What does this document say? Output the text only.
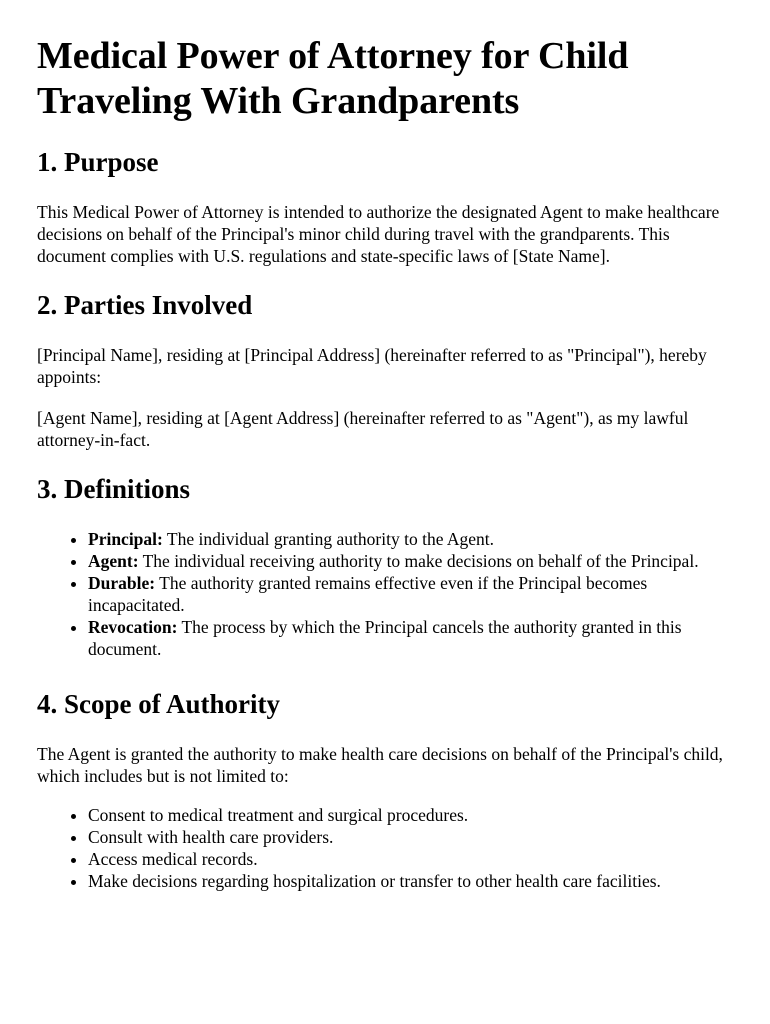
Medical Power of Attorney for Child Traveling With Grandparents
1. Purpose

This Medical Power of Attorney is intended to authorize the designated Agent to make healthcare decisions on behalf of the Principal's minor child during travel with the grandparents. This document complies with U.S. regulations and state-specific laws of [State Name].

2. Parties Involved

[Principal Name], residing at [Principal Address] (hereinafter referred to as "Principal"), hereby appoints:

[Agent Name], residing at [Agent Address] (hereinafter referred to as "Agent"), as my lawful attorney-in-fact.

3. Definitions
• Principal: The individual granting authority to the Agent.
• Agent: The individual receiving authority to make decisions on behalf of the Principal.
• Durable: The authority granted remains effective even if the Principal becomes incapacitated.
• Revocation: The process by which the Principal cancels the authority granted in this document.
4. Scope of Authority

The Agent is granted the authority to make health care decisions on behalf of the Principal's child, which includes but is not limited to:

• Consent to medical treatment and surgical procedures.
• Consult with health care providers.
• Access medical records.
• Make decisions regarding hospitalization or transfer to other health care facilities.
